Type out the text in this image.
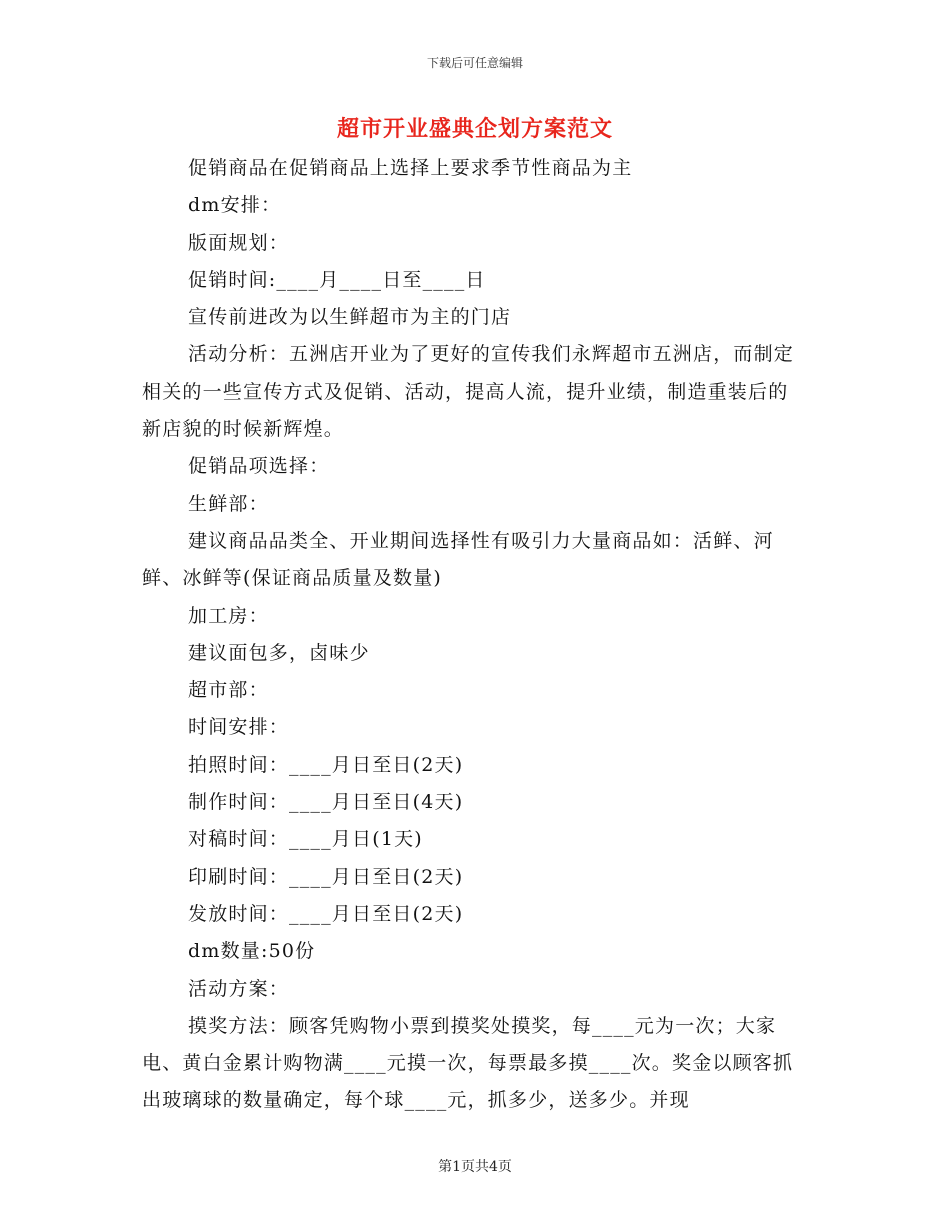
下载后可任意编辑
超市开业盛典企划方案范文

促销商品在促销商品上选择上要求季节性商品为主

dm安排：

版面规划：

促销时间:____月____日至____日

宣传前进改为以生鲜超市为主的门店

活动分析：五洲店开业为了更好的宣传我们永辉超市五洲店，而制定相关的一些宣传方式及促销、活动，提高人流，提升业绩，制造重装后的新店貌的时候新辉煌。

促销品项选择：

生鲜部：

建议商品品类全、开业期间选择性有吸引力大量商品如：活鲜、河鲜、冰鲜等(保证商品质量及数量)

加工房：

建议面包多，卤味少

超市部：

时间安排：

拍照时间：____月日至日(2天)

制作时间：____月日至日(4天)

对稿时间：____月日(1天)

印刷时间：____月日至日(2天)

发放时间：____月日至日(2天)

dm数量:50份

活动方案：

摸奖方法：顾客凭购物小票到摸奖处摸奖，每____元为一次；大家电、黄白金累计购物满____元摸一次，每票最多摸____次。奖金以顾客抓出玻璃球的数量确定，每个球____元，抓多少，送多少。并现

第1页共4页
